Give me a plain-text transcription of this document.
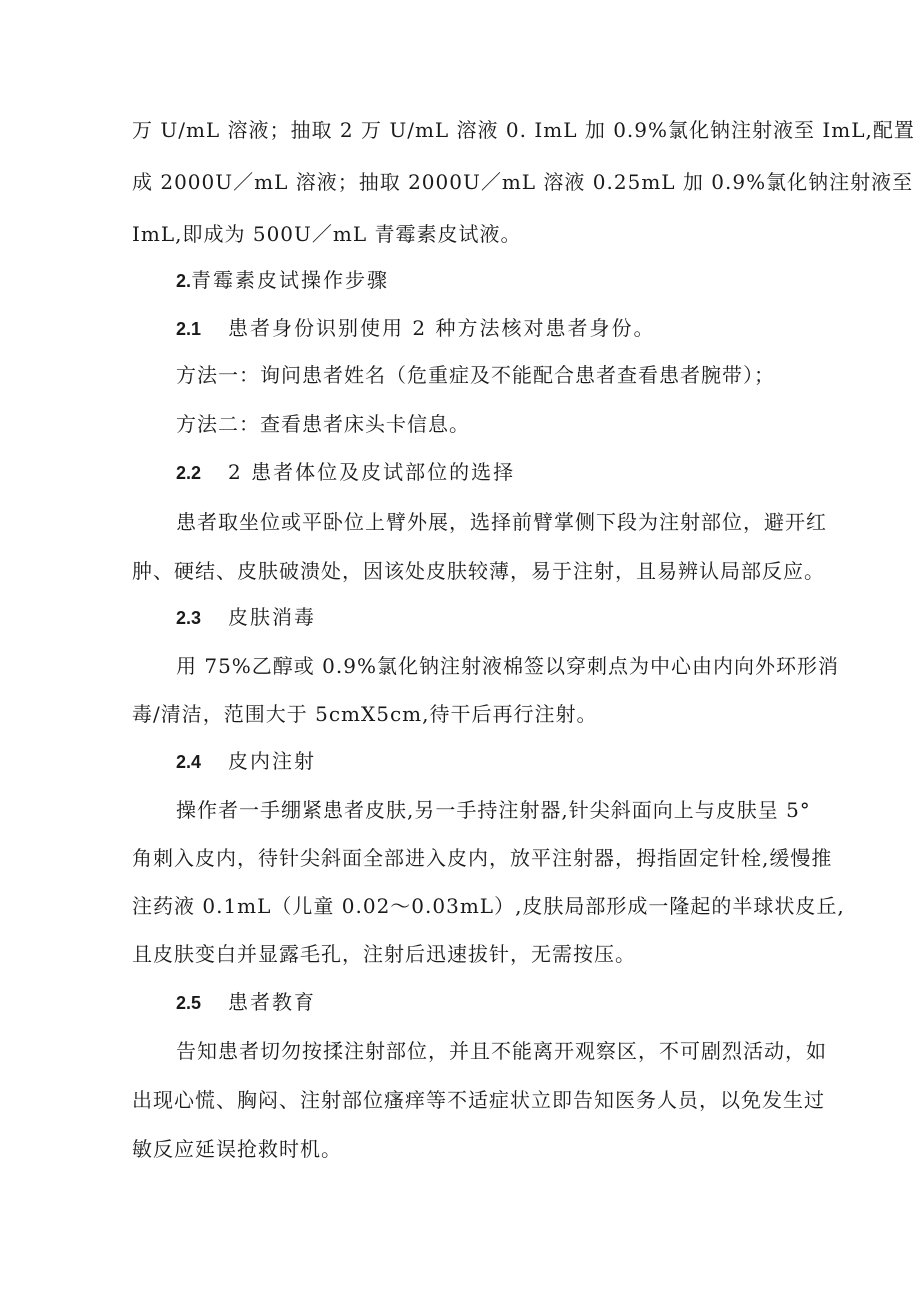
万 U/mL 溶液；抽取 2 万 U/mL 溶液 0. ImL 加 0.9%氯化钠注射液至 ImL,配置
成 2000U／mL 溶液；抽取 2000U／mL 溶液 0.25mL 加 0.9%氯化钠注射液至
ImL,即成为 500U／mL 青霉素皮试液。
2.青霉素皮试操作步骤
2.1 患者身份识别使用 2 种方法核对患者身份。
方法一：询问患者姓名（危重症及不能配合患者查看患者腕带）；
方法二：查看患者床头卡信息。
2.2 2 患者体位及皮试部位的选择
患者取坐位或平卧位上臂外展，选择前臂掌侧下段为注射部位，避开红
肿、硬结、皮肤破溃处，因该处皮肤较薄，易于注射，且易辨认局部反应。
2.3 皮肤消毒
用 75%乙醇或 0.9%氯化钠注射液棉签以穿刺点为中心由内向外环形消
毒/清洁，范围大于 5cmX5cm,待干后再行注射。
2.4 皮内注射
操作者一手绷紧患者皮肤,另一手持注射器,针尖斜面向上与皮肤呈 5°
角刺入皮内，待针尖斜面全部进入皮内，放平注射器，拇指固定针栓,缓慢推
注药液 0.1mL（儿童 0.02～0.03mL）,皮肤局部形成一隆起的半球状皮丘,
且皮肤变白并显露毛孔，注射后迅速拔针，无需按压。
2.5 患者教育
告知患者切勿按揉注射部位，并且不能离开观察区，不可剧烈活动，如
出现心慌、胸闷、注射部位瘙痒等不适症状立即告知医务人员，以免发生过
敏反应延误抢救时机。
